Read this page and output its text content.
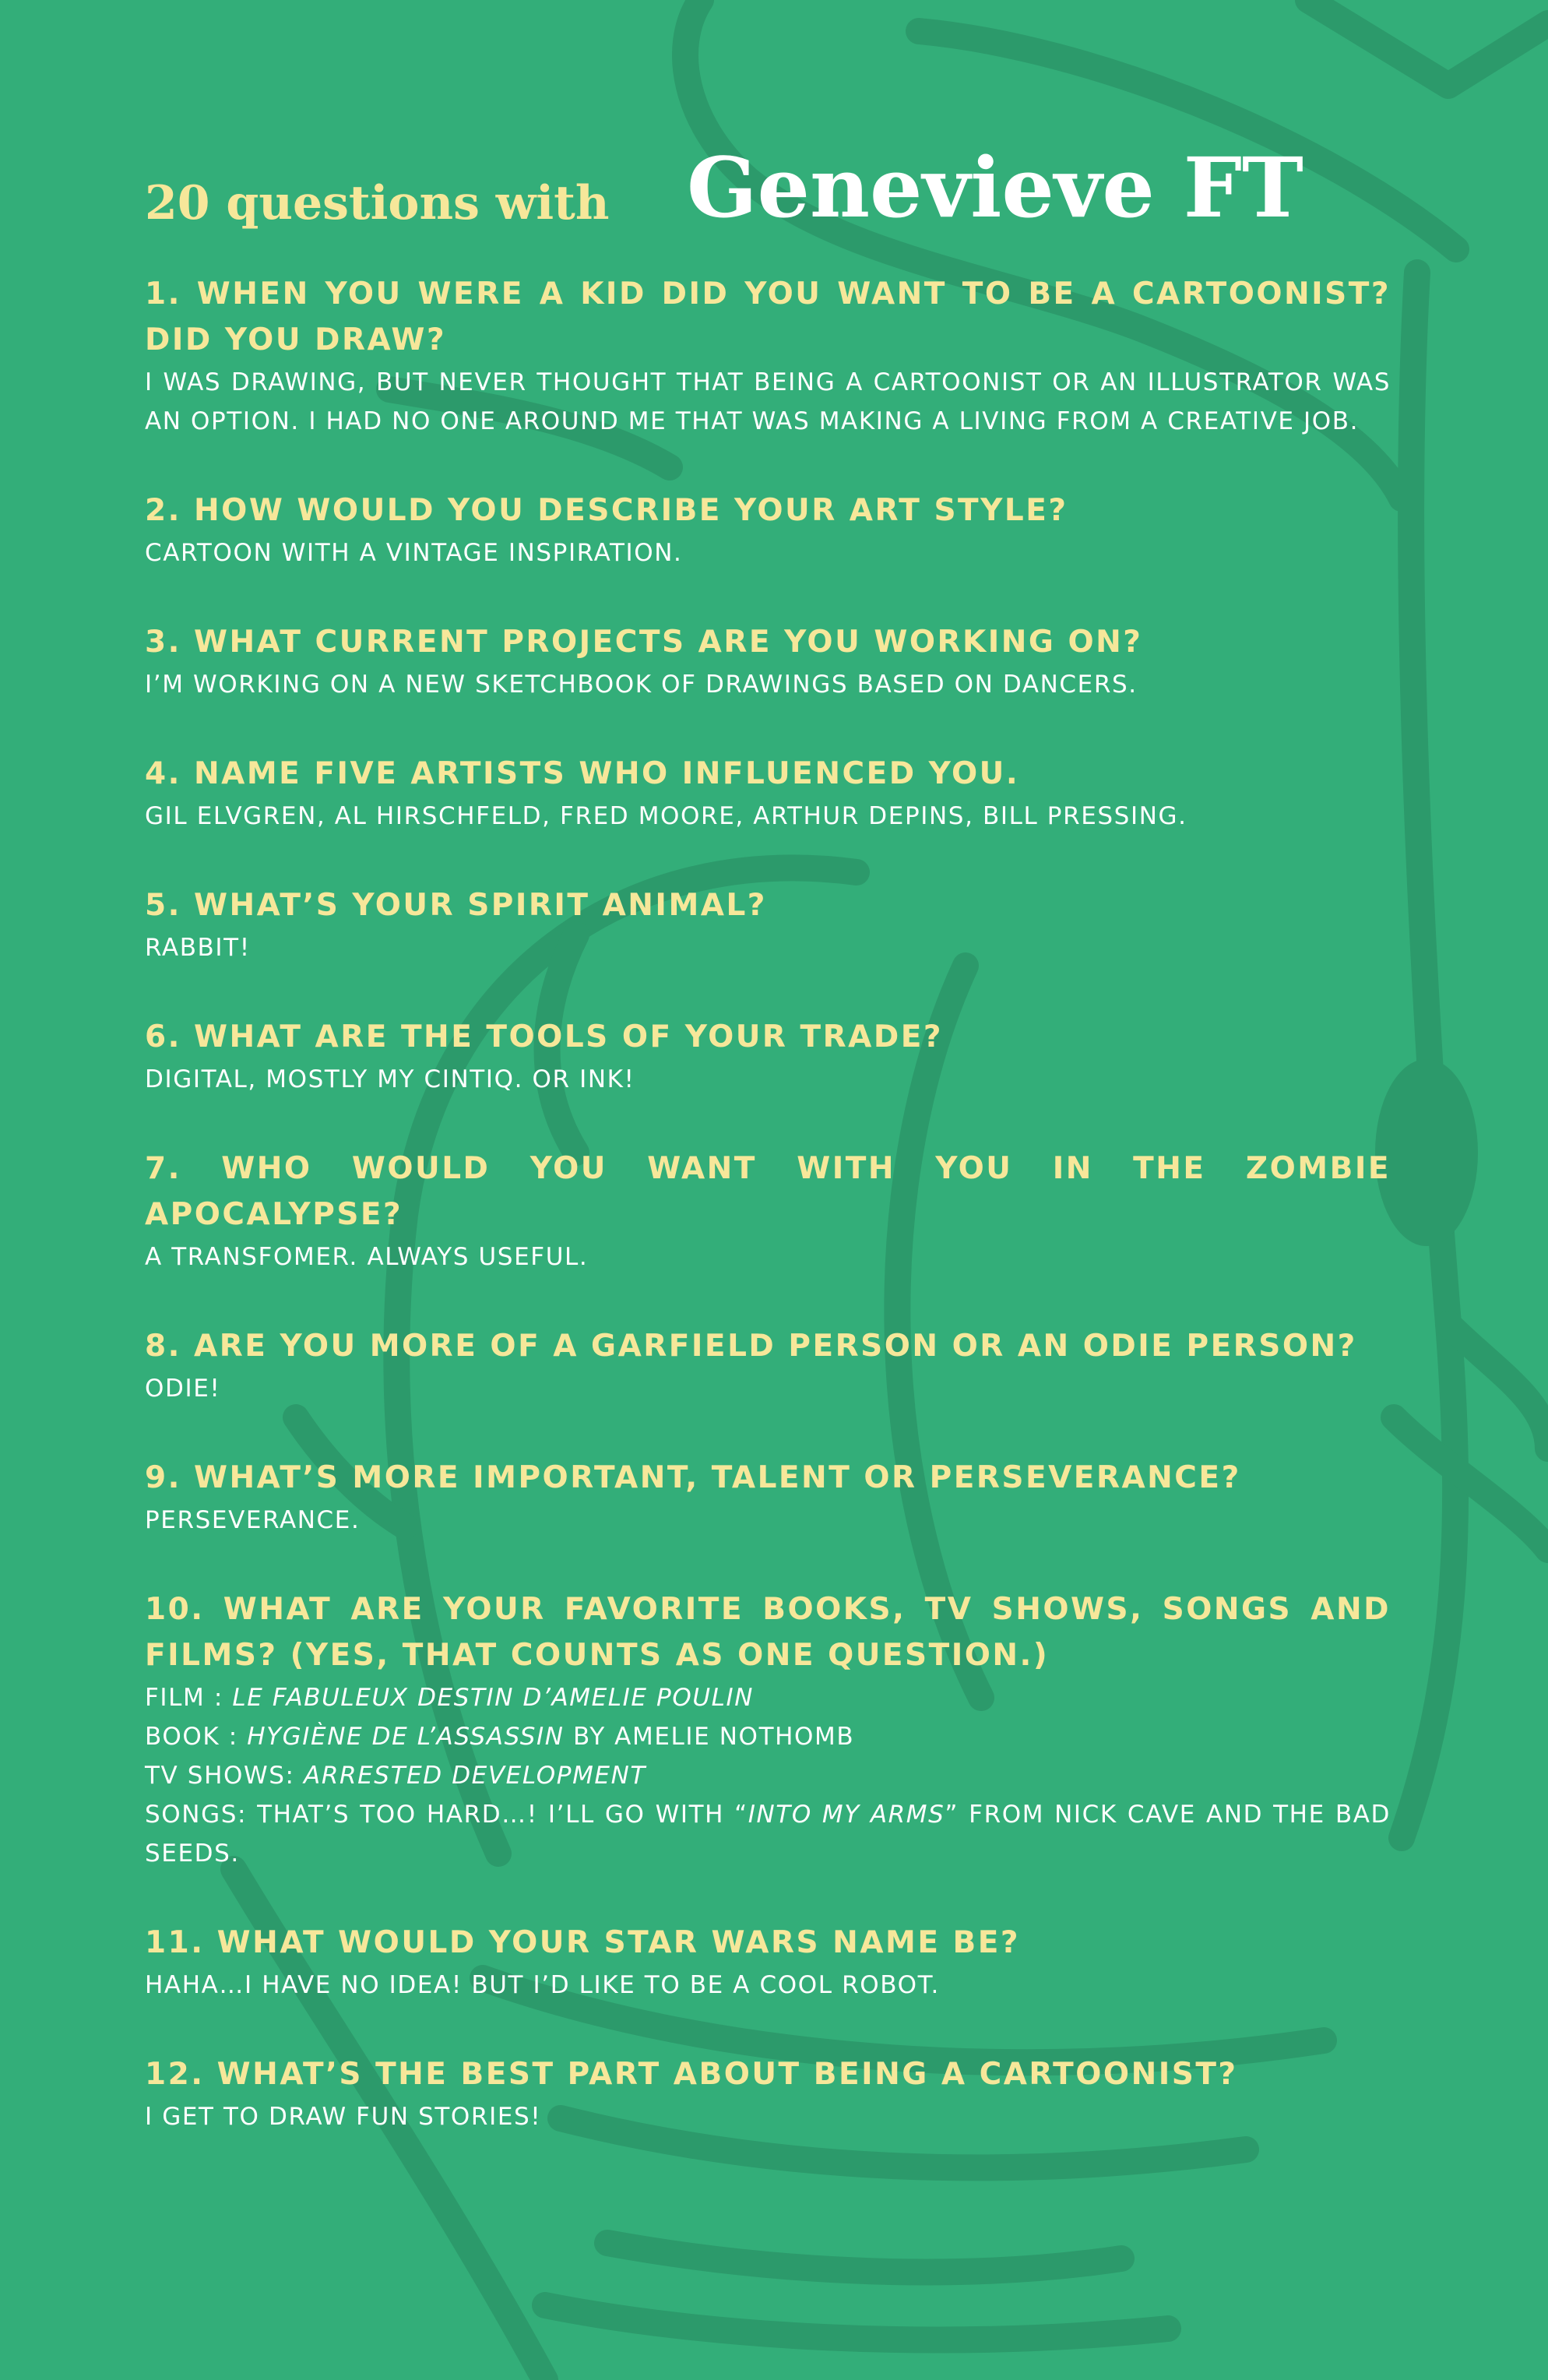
20 questions with Genevieve FT
1. WHEN YOU WERE A KID DID YOU WANT TO BE A CARTOONIST? DID YOU DRAW?
I WAS DRAWING, BUT NEVER THOUGHT THAT BEING A CARTOONIST OR AN ILLUSTRATOR WAS AN OPTION. I HAD NO ONE AROUND ME THAT WAS MAKING A LIVING FROM A CREATIVE JOB.
2. HOW WOULD YOU DESCRIBE YOUR ART STYLE?
CARTOON WITH A VINTAGE INSPIRATION.
3. WHAT CURRENT PROJECTS ARE YOU WORKING ON?
I’M WORKING ON A NEW SKETCHBOOK OF DRAWINGS BASED ON DANCERS.
4. NAME FIVE ARTISTS WHO INFLUENCED YOU.
GIL ELVGREN, AL HIRSCHFELD, FRED MOORE, ARTHUR DEPINS, BILL PRESSING.
5. WHAT’S YOUR SPIRIT ANIMAL?
RABBIT!
6. WHAT ARE THE TOOLS OF YOUR TRADE?
DIGITAL, MOSTLY MY CINTIQ. OR INK!
7. WHO WOULD YOU WANT WITH YOU IN THE ZOMBIE APOCALYPSE?
A TRANSFOMER. ALWAYS USEFUL.
8. ARE YOU MORE OF A GARFIELD PERSON OR AN ODIE PERSON?
ODIE!
9. WHAT’S MORE IMPORTANT, TALENT OR PERSEVERANCE?
PERSEVERANCE.
10. WHAT ARE YOUR FAVORITE BOOKS, TV SHOWS, SONGS AND FILMS? (YES, THAT COUNTS AS ONE QUESTION.)
FILM : LE FABULEUX DESTIN D’AMELIE POULIN
BOOK : HYGIÈNE DE L’ASSASSIN BY AMELIE NOTHOMB
TV SHOWS: ARRESTED DEVELOPMENT
SONGS: THAT’S TOO HARD…! I’LL GO WITH “INTO MY ARMS” FROM NICK CAVE AND THE BAD SEEDS.
11. WHAT WOULD YOUR STAR WARS NAME BE?
HAHA…I HAVE NO IDEA! BUT I’D LIKE TO BE A COOL ROBOT.
12. WHAT’S THE BEST PART ABOUT BEING A CARTOONIST?
I GET TO DRAW FUN STORIES!
